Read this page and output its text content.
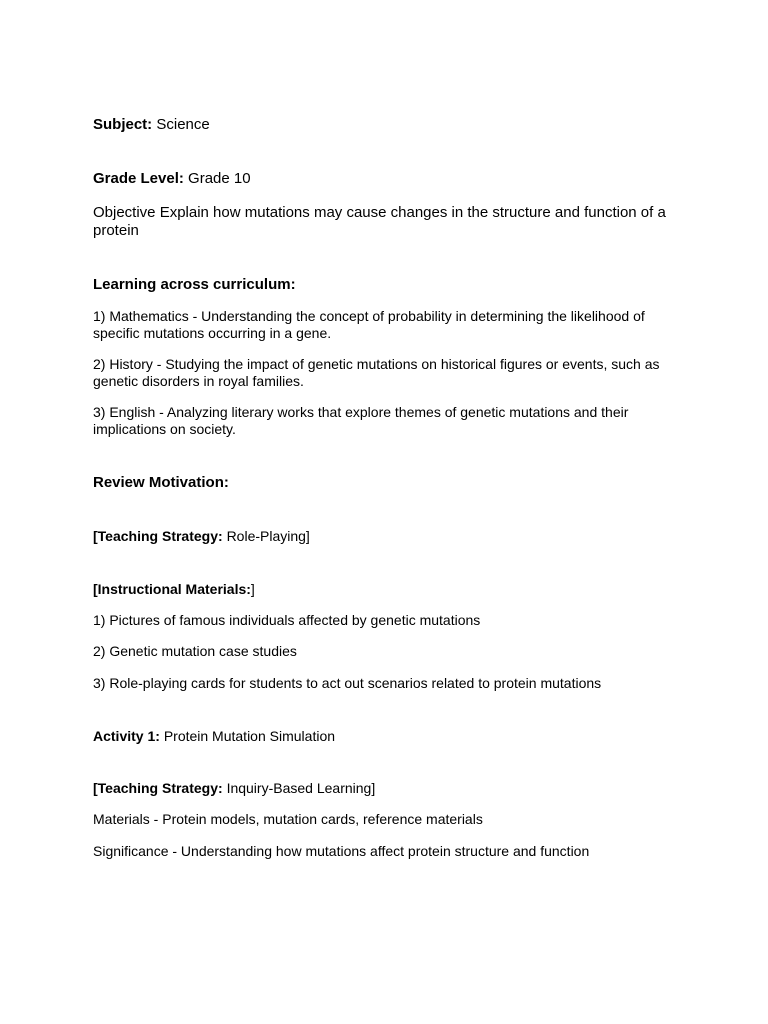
Subject: Science

Grade Level: Grade 10

Objective Explain how mutations may cause changes in the structure and function of a protein

Learning across curriculum:

1) Mathematics - Understanding the concept of probability in determining the likelihood of specific mutations occurring in a gene.

2) History - Studying the impact of genetic mutations on historical figures or events, such as genetic disorders in royal families.

3) English - Analyzing literary works that explore themes of genetic mutations and their implications on society.

Review Motivation:

[Teaching Strategy: Role-Playing]

[Instructional Materials:]

1) Pictures of famous individuals affected by genetic mutations

2) Genetic mutation case studies

3) Role-playing cards for students to act out scenarios related to protein mutations

Activity 1: Protein Mutation Simulation

[Teaching Strategy: Inquiry-Based Learning]

Materials - Protein models, mutation cards, reference materials

Significance - Understanding how mutations affect protein structure and function
